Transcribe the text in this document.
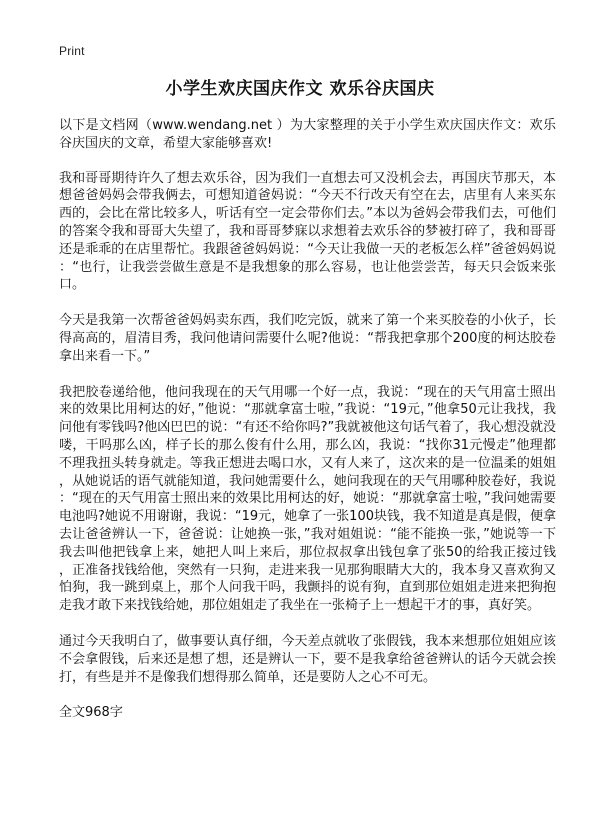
Print
小学生欢庆国庆作文 欢乐谷庆国庆

以下是文档网（www.wendang.net ）为大家整理的关于小学生欢庆国庆作文：欢乐谷庆国庆的文章，希望大家能够喜欢!

我和哥哥期待许久了想去欢乐谷，因为我们一直想去可又没机会去，再国庆节那天，本想爸爸妈妈会带我俩去，可想知道爸妈说：“今天不行改天有空在去，店里有人来买东西的，会比在常比较多人，听话有空一定会带你们去。”本以为爸妈会带我们去，可他们的答案令我和哥哥大失望了，我和哥哥梦寐以求想着去欢乐谷的梦被打碎了，我和哥哥还是乖乖的在店里帮忙。我跟爸爸妈妈说：“今天让我做一天的老板怎么样”爸爸妈妈说：“也行，让我尝尝做生意是不是我想象的那么容易，也让他尝尝苦，每天只会饭来张口。

今天是我第一次帮爸爸妈妈卖东西，我们吃完饭，就来了第一个来买胶卷的小伙子，长得高高的，眉清目秀，我问他请问需要什么呢?他说：“帮我把拿那个200度的柯达胶卷拿出来看一下。”

我把胶卷递给他，他问我现在的天气用哪一个好一点，我说：“现在的天气用富士照出来的效果比用柯达的好，”他说：“那就拿富士啦，”我说：“19元，”他拿50元让我找，我问他有零钱吗?他凶巴巴的说：“有还不给你吗?”我就被他这句话气着了，我心想没就没喽，干吗那么凶，样子长的那么俊有什么用，那么凶，我说：“找你31元慢走”他理都不理我扭头转身就走。等我正想进去喝口水，又有人来了，这次来的是一位温柔的姐姐，从她说话的语气就能知道，我问她需要什么，她问我现在的天气用哪种胶卷好，我说：“现在的天气用富士照出来的效果比用柯达的好，她说：“那就拿富士啦，”我问她需要电池吗?她说不用谢谢，我说：“19元，她拿了一张100块钱，我不知道是真是假，便拿去让爸爸辨认一下，爸爸说：让她换一张，”我对姐姐说：“能不能换一张，”她说等一下我去叫他把钱拿上来，她把人叫上来后，那位叔叔拿出钱包拿了张50的给我正接过钱，正准备找钱给他，突然有一只狗，走进来我一见那狗眼睛大大的，我本身又喜欢狗又怕狗，我一跳到桌上，那个人问我干吗，我颤抖的说有狗，直到那位姐姐走进来把狗抱走我才敢下来找钱给她，那位姐姐走了我坐在一张椅子上一想起干才的事，真好笑。

通过今天我明白了，做事要认真仔细，今天差点就收了张假钱，我本来想那位姐姐应该不会拿假钱，后来还是想了想，还是辨认一下，要不是我拿给爸爸辨认的话今天就会挨打，有些是并不是像我们想得那么简单，还是要防人之心不可无。

全文968字
